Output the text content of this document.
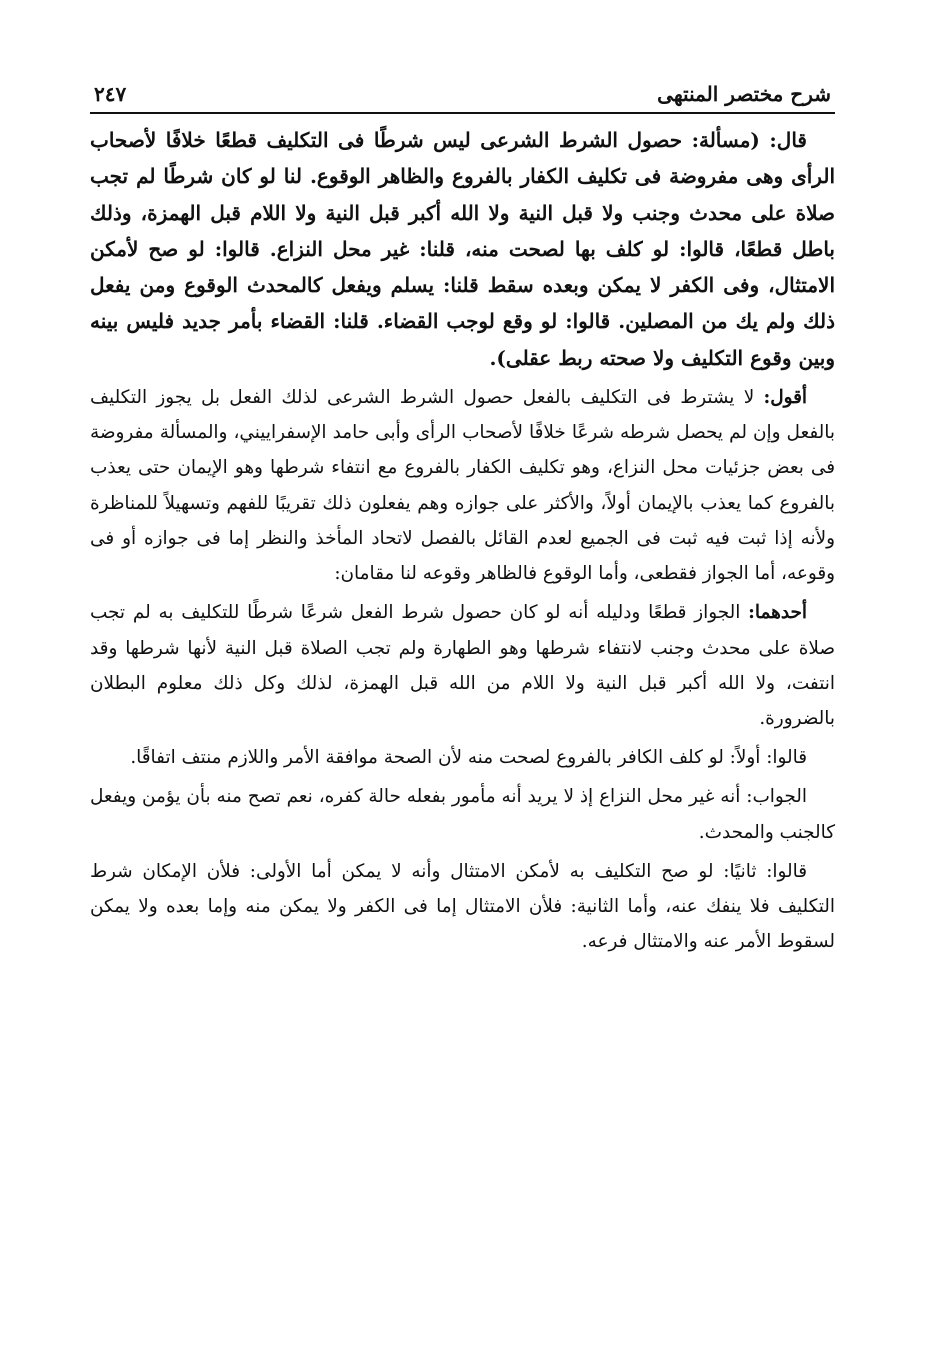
شرح مختصر المنتهى
٢٤٧

قال: (مسألة: حصول الشرط الشرعى ليس شرطًا فى التكليف قطعًا خلافًا لأصحاب الرأى وهى مفروضة فى تكليف الكفار بالفروع والظاهر الوقوع. لنا لو كان شرطًا لم تجب صلاة على محدث وجنب ولا قبل النية ولا الله أكبر قبل النية ولا اللام قبل الهمزة، وذلك باطل قطعًا، قالوا: لو كلف بها لصحت منه، قلنا: غير محل النزاع. قالوا: لو صح لأمكن الامتثال، وفى الكفر لا يمكن وبعده سقط قلنا: يسلم ويفعل كالمحدث الوقوع ومن يفعل ذلك ولم يك من المصلين. قالوا: لو وقع لوجب القضاء. قلنا: القضاء بأمر جديد فليس بينه وبين وقوع التكليف ولا صحته ربط عقلى).

أقول: لا يشترط فى التكليف بالفعل حصول الشرط الشرعى لذلك الفعل بل يجوز التكليف بالفعل وإن لم يحصل شرطه شرعًا خلافًا لأصحاب الرأى وأبى حامد الإسفراييني، والمسألة مفروضة فى بعض جزئيات محل النزاع، وهو تكليف الكفار بالفروع مع انتفاء شرطها وهو الإيمان حتى يعذب بالفروع كما يعذب بالإيمان أولاً، والأكثر على جوازه وهم يفعلون ذلك تقريبًا للفهم وتسهيلاً للمناظرة ولأنه إذا ثبت فيه ثبت فى الجميع لعدم القائل بالفصل لاتحاد المأخذ والنظر إما فى جوازه أو فى وقوعه، أما الجواز فقطعى، وأما الوقوع فالظاهر وقوعه لنا مقامان:

أحدهما: الجواز قطعًا ودليله أنه لو كان حصول شرط الفعل شرعًا شرطًا للتكليف به لم تجب صلاة على محدث وجنب لانتفاء شرطها وهو الطهارة ولم تجب الصلاة قبل النية لأنها شرطها وقد انتفت، ولا الله أكبر قبل النية ولا اللام من الله قبل الهمزة، لذلك وكل ذلك معلوم البطلان بالضرورة.

قالوا: أولاً: لو كلف الكافر بالفروع لصحت منه لأن الصحة موافقة الأمر واللازم منتف اتفاقًا.

الجواب: أنه غير محل النزاع إذ لا يريد أنه مأمور بفعله حالة كفره، نعم تصح منه بأن يؤمن ويفعل كالجنب والمحدث.

قالوا: ثانيًا: لو صح التكليف به لأمكن الامتثال وأنه لا يمكن أما الأولى: فلأن الإمكان شرط التكليف فلا ينفك عنه، وأما الثانية: فلأن الامتثال إما فى الكفر ولا يمكن منه وإما بعده ولا يمكن لسقوط الأمر عنه والامتثال فرعه.
